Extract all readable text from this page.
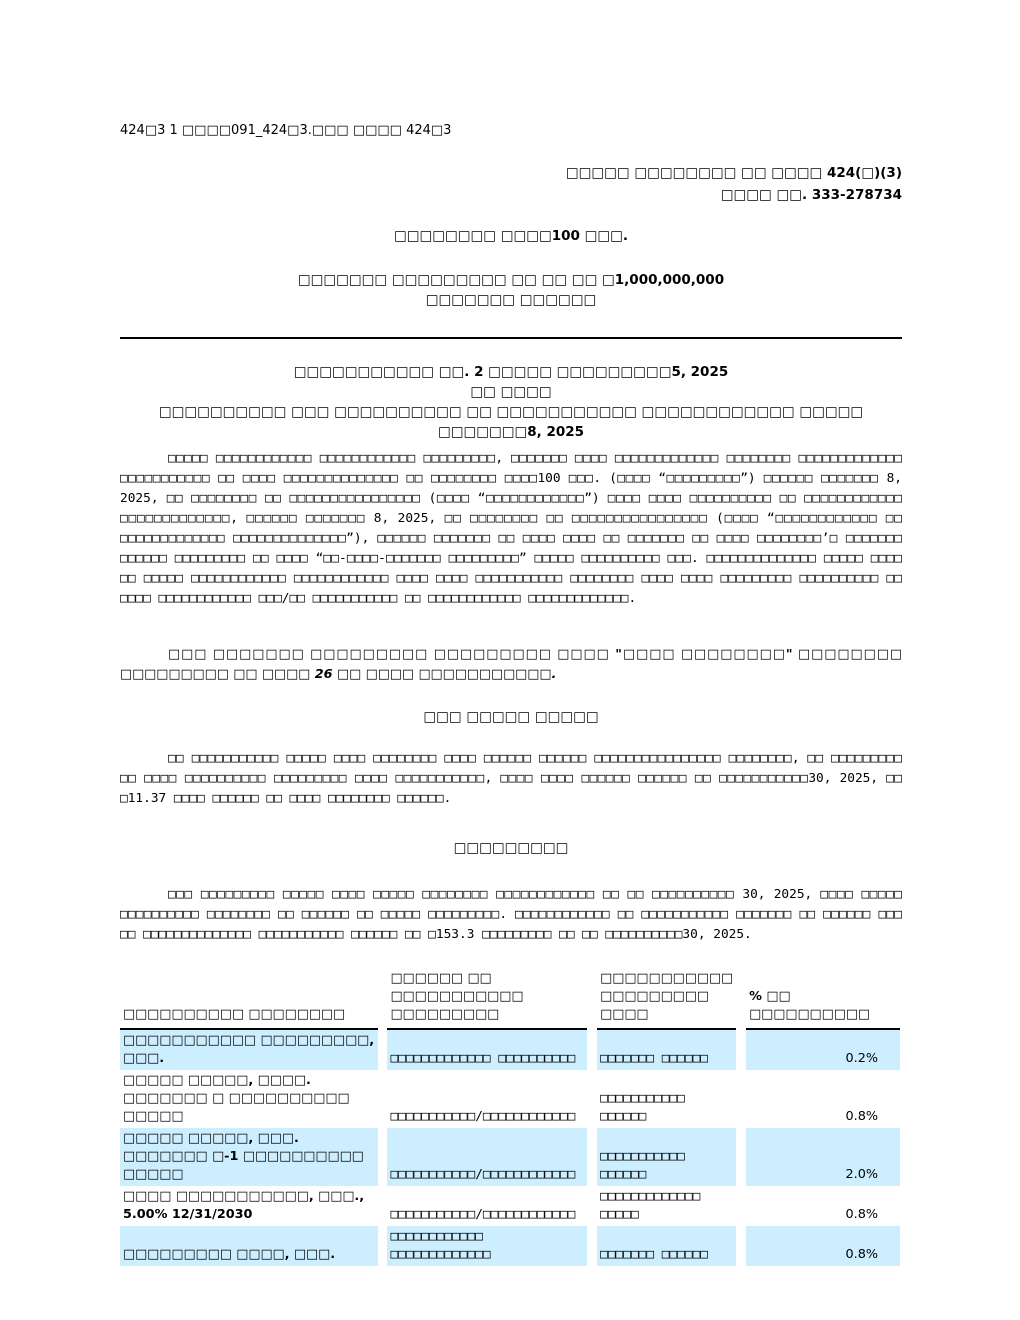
424□3 1 □□□□091_424□3.□□□ □□□□ 424□3
□□□□□ □□□□□□□□ □□ □□□□ 424(□)(3)
□□□□ □□. 333-278734
□□□□□□□□ □□□□100 □□□.
□□□□□□□ □□□□□□□□□ □□ □□ □□ □1,000,000,000
□□□□□□□ □□□□□□
□□□□□□□□□□□ □□. 2 □□□□□ □□□□□□□□□5, 2025
□□ □□□□
□□□□□□□□□□ □□□ □□□□□□□□□□ □□ □□□□□□□□□□□ □□□□□□□□□□□□ □□□□□ □□□□□□□8, 2025
□□□□□ □□□□□□□□□□□□ □□□□□□□□□□□□ □□□□□□□□□, □□□□□□□ □□□□ □□□□□□□□□□□□□ □□□□□□□□ □□□□□□□□□□□□□ □□□□□□□□□□□ □□ □□□□ □□□□□□□□□□□□□□ □□ □□□□□□□□ □□□□100 □□□. (□□□□ “□□□□□□□□□”) □□□□□□ □□□□□□□ 8, 2025, □□ □□□□□□□□ □□ □□□□□□□□□□□□□□□□ (□□□□ “□□□□□□□□□□□□”) □□□□ □□□□ □□□□□□□□□□ □□ □□□□□□□□□□□□ □□□□□□□□□□□□□, □□□□□□ □□□□□□□ 8, 2025, □□ □□□□□□□□ □□ □□□□□□□□□□□□□□□□ (□□□□ “□□□□□□□□□□□□ □□ □□□□□□□□□□□□□ □□□□□□□□□□□□□□”), □□□□□□ □□□□□□□ □□ □□□□ □□□□ □□ □□□□□□□ □□ □□□□ □□□□□□□□’□ □□□□□□□ □□□□□□ □□□□□□□□□ □□ □□□□ “□□-□□□□-□□□□□□□ □□□□□□□□□” □□□□□ □□□□□□□□□□ □□□. □□□□□□□□□□□□□□ □□□□□ □□□□ □□ □□□□□ □□□□□□□□□□□□ □□□□□□□□□□□□ □□□□ □□□□ □□□□□□□□□□□ □□□□□□□□ □□□□ □□□□ □□□□□□□□□ □□□□□□□□□□ □□ □□□□ □□□□□□□□□□□□ □□□/□□ □□□□□□□□□□□ □□ □□□□□□□□□□□□ □□□□□□□□□□□□□.
□□□ □□□□□□□ □□□□□□□□□ □□□□□□□□□ □□□□ "□□□□ □□□□□□□□" □□□□□□□□ □□□□□□□□□ □□ □□□□ 26 □□ □□□□ □□□□□□□□□□□.
□□□ □□□□□ □□□□□
□□ □□□□□□□□□□□ □□□□□ □□□□ □□□□□□□□ □□□□ □□□□□□ □□□□□□ □□□□□□□□□□□□□□□□ □□□□□□□□, □□ □□□□□□□□□ □□ □□□□ □□□□□□□□□□ □□□□□□□□□ □□□□ □□□□□□□□□□□, □□□□ □□□□ □□□□□□ □□□□□□ □□ □□□□□□□□□□□30, 2025, □□ □11.37 □□□□ □□□□□□ □□ □□□□ □□□□□□□□ □□□□□□.
□□□□□□□□□
□□□ □□□□□□□□□ □□□□□ □□□□ □□□□□ □□□□□□□□ □□□□□□□□□□□□ □□ □□ □□□□□□□□□□ 30, 2025, □□□□ □□□□□ □□□□□□□□□□ □□□□□□□□ □□ □□□□□□ □□ □□□□□ □□□□□□□□□. □□□□□□□□□□□□ □□ □□□□□□□□□□□ □□□□□□□ □□ □□□□□□ □□□ □□ □□□□□□□□□□□□□□ □□□□□□□□□□□ □□□□□□ □□ □153.3 □□□□□□□□□ □□ □□ □□□□□□□□□□30, 2025.
□□□□□□□□□□ □□□□□□□□		□□□□□□ □□ □□□□□□□□□□□ □□□□□□□□□		□□□□□□□□□□□ □□□□□□□□□ □□□□		% □□ □□□□□□□□□□
□□□□□□□□□□□ □□□□□□□□□, □□□.		□□□□□□□□□□□□□ □□□□□□□□□□		□□□□□□□ □□□□□□		0.2%
□□□□□ □□□□□, □□□□. □□□□□□□ □ □□□□□□□□□□ □□□□□		□□□□□□□□□□□/□□□□□□□□□□□□		□□□□□□□□□□□ □□□□□□		0.8%
□□□□□ □□□□□, □□□. □□□□□□□ □-1 □□□□□□□□□□ □□□□□		□□□□□□□□□□□/□□□□□□□□□□□□		□□□□□□□□□□□ □□□□□□		2.0%
□□□□ □□□□□□□□□□□, □□□., 5.00% 12/31/2030		□□□□□□□□□□□/□□□□□□□□□□□□		□□□□□□□□□□□□□ □□□□□		0.8%
□□□□□□□□□ □□□□, □□□.		□□□□□□□□□□□□ □□□□□□□□□□□□□		□□□□□□□ □□□□□□		0.8%
